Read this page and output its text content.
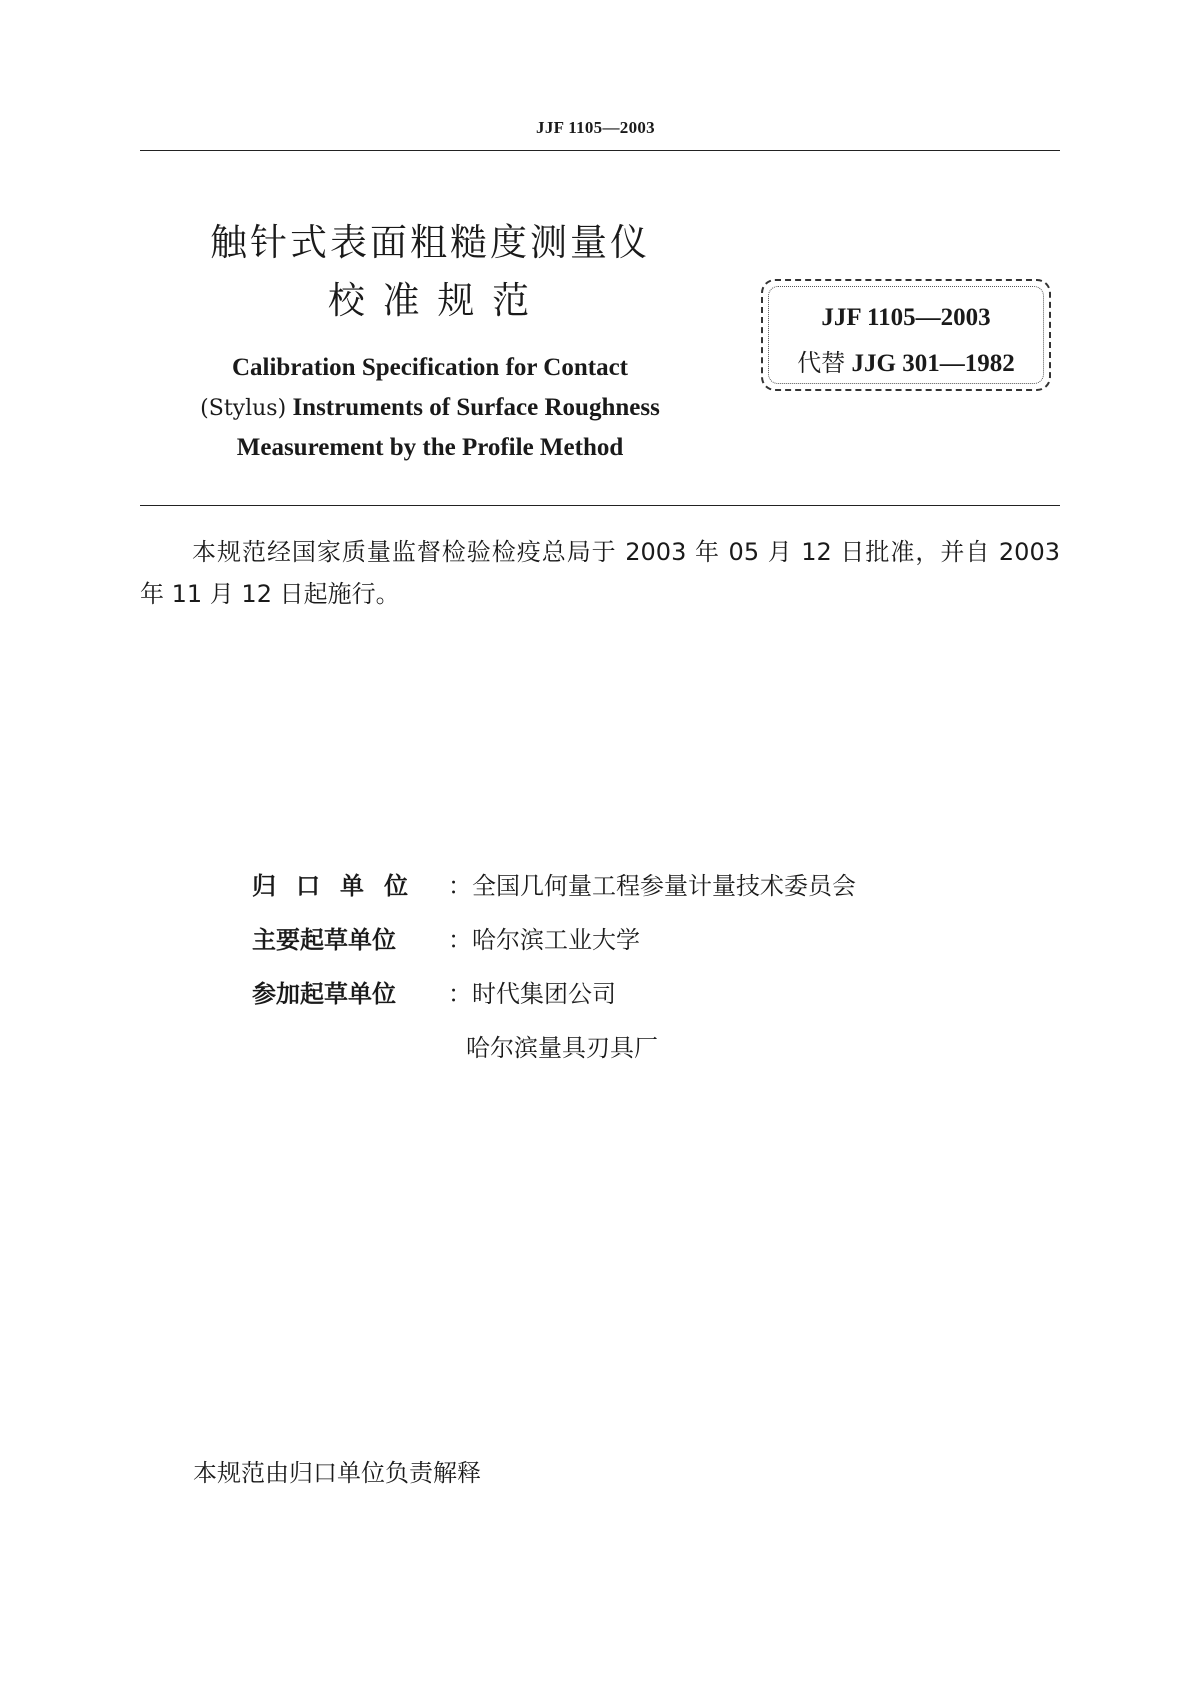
JJF 1105—2003
触针式表面粗糙度测量仪
校 准 规 范
Calibration Specification for Contact
(Stylus) Instruments of Surface Roughness
Measurement by the Profile Method
JJF 1105—2003
代替 JJG 301—1982
本规范经国家质量监督检验检疫总局于 2003 年 05 月 12 日批准，并自 2003 年 11 月 12 日起施行。
归口单位 ：全国几何量工程参量计量技术委员会
主要起草单位 ：哈尔滨工业大学
参加起草单位 ：时代集团公司
哈尔滨量具刃具厂
本规范由归口单位负责解释
